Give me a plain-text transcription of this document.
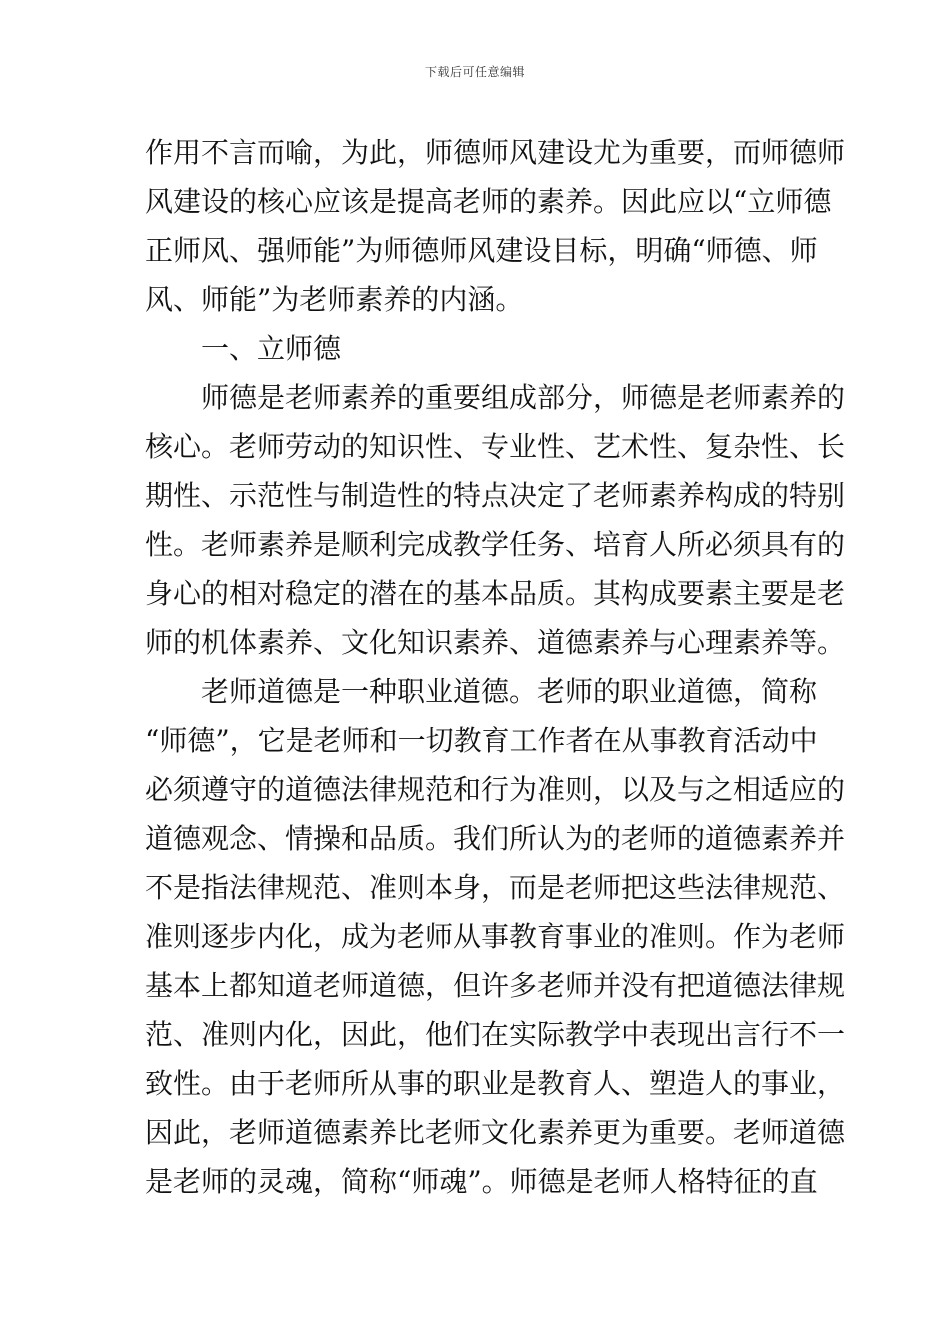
下载后可任意编辑
作用不言而喻，为此，师德师风建设尤为重要，而师德师
风建设的核心应该是提高老师的素养。因此应以“立师德
正师风、强师能”为师德师风建设目标，明确“师德、师
风、师能”为老师素养的内涵。
一、立师德
师德是老师素养的重要组成部分，师德是老师素养的
核心。老师劳动的知识性、专业性、艺术性、复杂性、长
期性、示范性与制造性的特点决定了老师素养构成的特别
性。老师素养是顺利完成教学任务、培育人所必须具有的
身心的相对稳定的潜在的基本品质。其构成要素主要是老
师的机体素养、文化知识素养、道德素养与心理素养等。
老师道德是一种职业道德。老师的职业道德，简称
“师德”，它是老师和一切教育工作者在从事教育活动中
必须遵守的道德法律规范和行为准则，以及与之相适应的
道德观念、情操和品质。我们所认为的老师的道德素养并
不是指法律规范、准则本身，而是老师把这些法律规范、
准则逐步内化，成为老师从事教育事业的准则。作为老师
基本上都知道老师道德，但许多老师并没有把道德法律规
范、准则内化，因此，他们在实际教学中表现出言行不一
致性。由于老师所从事的职业是教育人、塑造人的事业，
因此，老师道德素养比老师文化素养更为重要。老师道德
是老师的灵魂，简称“师魂”。师德是老师人格特征的直
